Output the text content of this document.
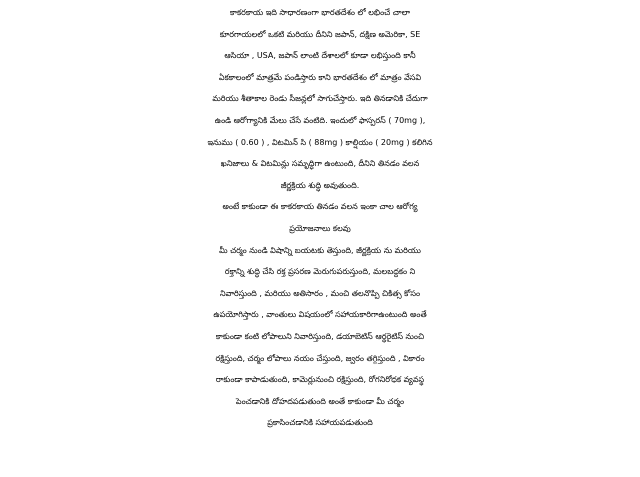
కాకరకాయ ఇది సాధారణంగా భారతదేశం లో లభించే చాలా
కూరగాయలలో ఒకటి మరియు దీనిని జపాన్, దక్షిణ అమెరికా, SE
ఆసియా , USA, జపాన్ లాంటి దేశాలలో కూడా లభిస్తుంది కానీ
ఏకకాలంలో మాత్రమే పండిస్తారు కాని భారతదేశం లో మాత్రం వేసవి
మరియు శీతాకాల రెండు సీజన్లలో సాగుచేస్తారు. ఇది తినడానికి చేదుగా
ఉండి ఆరోగ్యానికి మేలు చేసే వంటిది. ఇందులో ఫాస్పరస్ ( 70mg ),
ఇనుము ( 0.60 ) , విటమిన్ సి ( 88mg ) కాల్షియం ( 20mg ) కలిగిన
ఖనిజాలు & విటమిన్లు సమృద్ధిగా ఉంటుంది, దీనిని తినడం వలన
జీర్ణక్రియ శుద్ధి అవుతుంది.
అంటే కాకుండా ఈ కాకరకాయ తినడం వలన ఇంకా చాల ఆరోగ్య
ప్రయోజనాలు కలవు
మీ చర్మం నుండి విషాన్ని బయటకు తెస్తుంది, జీర్ణక్రియ ను మరియు
రక్తాన్ని శుద్ధి చేసి రక్త ప్రసరణ మెరుగుపరుస్తుంది, మలబద్దకం ని
నివారిస్తుంది , మరియు అతిసారం , మంచి తలనొప్పి చికిత్స కోసం
ఉపయోగిస్తారు , వాంతులు విషయంలో సహాయకారిగాఉంటుంది అంతే
కాకుండా కంటి లోపాలుని నివారిస్తుంది, డయాబెటిస్ ఆర్థరైటిస్ నుంచి
రక్షిస్తుంది, చర్మం లోపాలు నయం చేస్తుంది, జ్వరం తగ్గిస్తుంది , వికారం
రాకుండా కాపాడుతుంది, కామెర్లునుంచి రక్షిస్తుంది, రోగనిరోధక వ్యవస్థ
పెంచడానికి దోహదపడుతుంది అంతే కాకుండా మీ చర్మం
ప్రకాసించడానికి సహాయపడుతుంది
